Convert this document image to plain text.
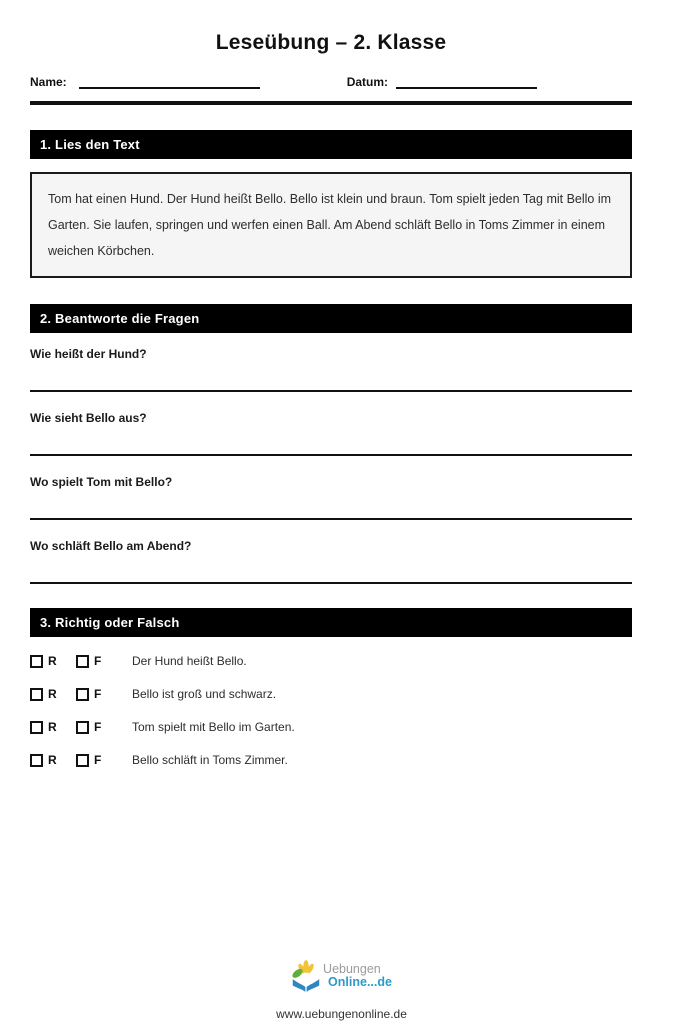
Leseübung – 2. Klasse
Name:	Datum:
1. Lies den Text
Tom hat einen Hund. Der Hund heißt Bello. Bello ist klein und braun. Tom spielt jeden Tag mit Bello im Garten. Sie laufen, springen und werfen einen Ball. Am Abend schläft Bello in Toms Zimmer in einem weichen Körbchen.
2. Beantworte die Fragen
Wie heißt der Hund?
Wie sieht Bello aus?
Wo spielt Tom mit Bello?
Wo schläft Bello am Abend?
3. Richtig oder Falsch
R	F	Der Hund heißt Bello.
R	F	Bello ist groß und schwarz.
R	F	Tom spielt mit Bello im Garten.
R	F	Bello schläft in Toms Zimmer.
Uebungen
Online...de
www.uebungenonline.de
